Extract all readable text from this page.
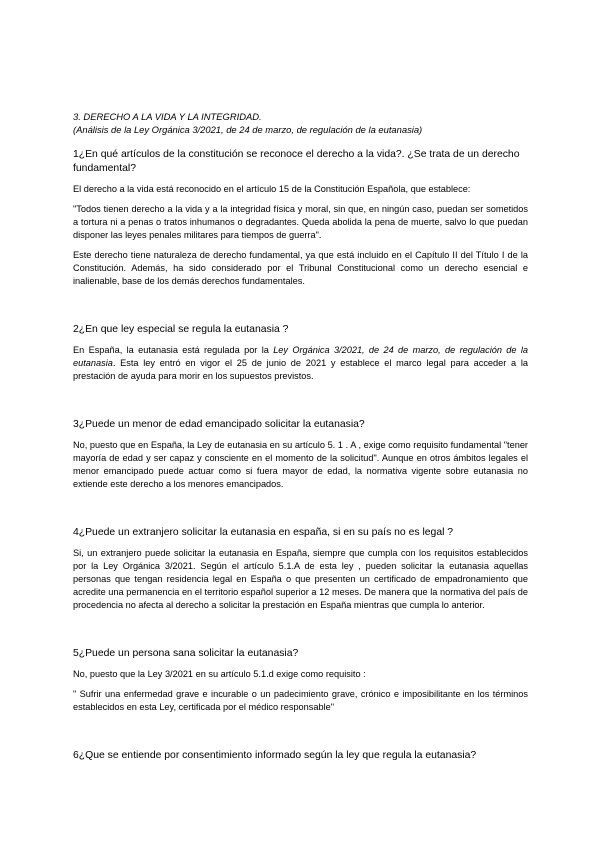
3. DERECHO A LA VIDA Y LA INTEGRIDAD.

(Análisis de la Ley Orgánica 3/2021, de 24 de marzo, de regulación de la eutanasia)

1¿En qué artículos de la constitución se reconoce el derecho a la vida?. ¿Se trata de un derecho fundamental?

El derecho a la vida está reconocido en el artículo 15 de la Constitución Española, que establece:

"Todos tienen derecho a la vida y a la integridad física y moral, sin que, en ningún caso, puedan ser sometidos a tortura ni a penas o tratos inhumanos o degradantes. Queda abolida la pena de muerte, salvo lo que puedan disponer las leyes penales militares para tiempos de guerra".

Este derecho tiene naturaleza de derecho fundamental, ya que está incluido en el Capítulo II del Título I de la Constitución. Además, ha sido considerado por el Tribunal Constitucional como un derecho esencial e inalienable, base de los demás derechos fundamentales.

2¿En que ley especial se regula la eutanasia ?

En España, la eutanasia está regulada por la Ley Orgánica 3/2021, de 24 de marzo, de regulación de la eutanasia. Esta ley entró en vigor el 25 de junio de 2021 y establece el marco legal para acceder a la prestación de ayuda para morir en los supuestos previstos.

3¿Puede un menor de edad emancipado solicitar la eutanasia?

No, puesto que en España, la Ley de eutanasia en su artículo 5. 1 . A , exige como requisito fundamental "tener mayoría de edad y ser capaz y consciente en el momento de la solicitud". Aunque en otros ámbitos legales el menor emancipado puede actuar como si fuera mayor de edad, la normativa vigente sobre eutanasia no extiende este derecho a los menores emancipados.

4¿Puede un extranjero solicitar la eutanasia en españa, si en su país no es legal ?

Si, un extranjero puede solicitar la eutanasia en España, siempre que cumpla con los requisitos establecidos por la Ley Orgánica 3/2021. Según el artículo 5.1.A de esta ley , pueden solicitar la eutanasia aquellas personas que tengan residencia legal en España o que presenten un certificado de empadronamiento que acredite una permanencia en el territorio español superior a 12 meses. De manera que la normativa del país de procedencia no afecta al derecho a solicitar la prestación en España mientras que cumpla lo anterior.

5¿Puede un persona sana solicitar la eutanasia?

No, puesto que la Ley 3/2021 en su artículo 5.1.d exige como requisito :

" Sufrir una enfermedad grave e incurable o un padecimiento grave, crónico e imposibilitante en los términos establecidos en esta Ley, certificada por el médico responsable"

6¿Que se entiende por consentimiento informado según la ley que regula la eutanasia?
